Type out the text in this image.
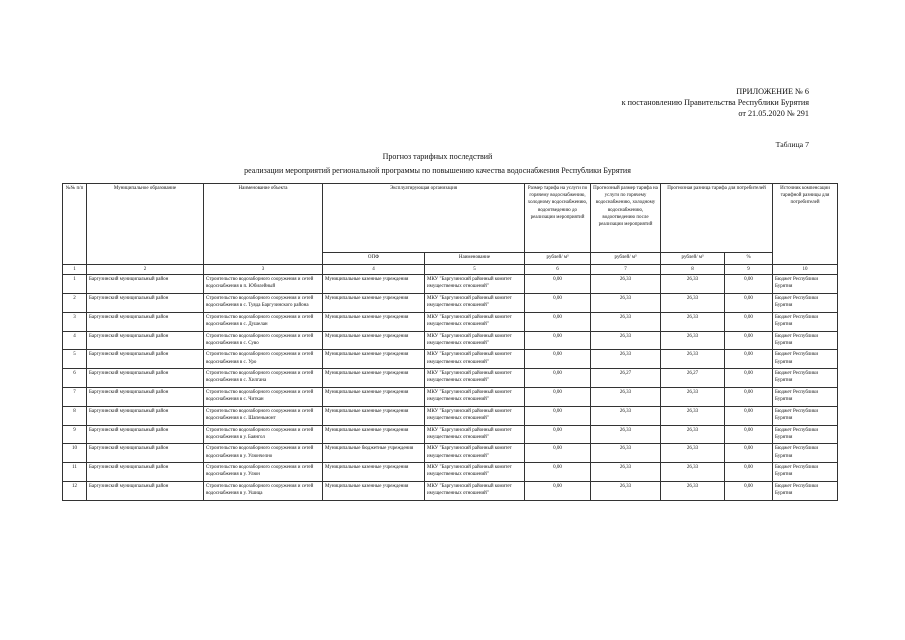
ПРИЛОЖЕНИЕ № 6
к постановлению Правительства Республики Бурятия
от 21.05.2020 № 291
Таблица 7
Прогноз тарифных последствий
реализации мероприятий региональной программы по повышению качества водоснабжения Республики Бурятия
№№ п/п	Муниципальное образование	Наименование объекта	Эксплуатирующая организация		Размер тарифа на услуги по горячему водоснабжению, холодному водоснабжению, водоотведению до реализации мероприятий	Прогнозный размер тарифа на услуги по горячему водоснабжению, холодному водоснабжению, водоотведению после реализации мероприятий	Прогнозная разница тарифа для потребителей		Источник компенсации тарифной разницы для потребителей
			ОПФ	Наименование	рублей/ м³	рублей/ м³	рублей/ м³	%	
1	2	3	4	5	6	7	8	9	10
1	Баргузинский муниципальный район	Строительство водозаборного сооружения и сетей водоснабжения в п. Юбилейный	Муниципальные казенные учреждения	МКУ "Баргузинский районный комитет имущественных отношений"	0,00	26,33	26,33	0,00	Бюджет Республики Бурятия
2	Баргузинский муниципальный район	Строительство водозаборного сооружения и сетей водоснабжения в с. Туяда Баргузинского района	Муниципальные казенные учреждения	МКУ "Баргузинский районный комитет имущественных отношений"	0,00	26,33	26,33	0,00	Бюджет Республики Бурятия
3	Баргузинский муниципальный район	Строительство водозаборного сооружения и сетей водоснабжения в с. Душелан	Муниципальные казенные учреждения	МКУ "Баргузинский районный комитет имущественных отношений"	0,00	26,33	26,33	0,00	Бюджет Республики Бурятия
4	Баргузинский муниципальный район	Строительство водозаборного сооружения и сетей водоснабжения в с. Суво	Муниципальные казенные учреждения	МКУ "Баргузинский районный комитет имущественных отношений"	0,00	26,33	26,33	0,00	Бюджет Республики Бурятия
5	Баргузинский муниципальный район	Строительство водозаборного сооружения и сетей водоснабжения в с. Уро	Муниципальные казенные учреждения	МКУ "Баргузинский районный комитет имущественных отношений"	0,00	26,33	26,33	0,00	Бюджет Республики Бурятия
6	Баргузинский муниципальный район	Строительство водозаборного сооружения и сетей водоснабжения в с. Хилгана	Муниципальные казенные учреждения	МКУ "Баргузинский районный комитет имущественных отношений"	0,00	26,27	26,27	0,00	Бюджет Республики Бурятия
7	Баргузинский муниципальный район	Строительство водозаборного сооружения и сетей водоснабжения в с. Читкан	Муниципальные казенные учреждения	МКУ "Баргузинский районный комитет имущественных отношений"	0,00	26,33	26,33	0,00	Бюджет Республики Бурятия
8	Баргузинский муниципальный район	Строительство водозаборного сооружения и сетей водоснабжения в с. Шапеньмонт	Муниципальные казенные учреждения	МКУ "Баргузинский районный комитет имущественных отношений"	0,00	26,33	26,33	0,00	Бюджет Республики Бурятия
9	Баргузинский муниципальный район	Строительство водозаборного сооружения и сетей водоснабжения в у. Баянгол	Муниципальные казенные учреждения	МКУ "Баргузинский районный комитет имущественных отношений"	0,00	26,33	26,33	0,00	Бюджет Республики Бурятия
10	Баргузинский муниципальный район	Строительство водозаборного сооружения и сетей водоснабжения в у. Улюнчелно	Муниципальные бюджетные учреждения	МКУ "Баргузинский районный комитет имущественных отношений"	0,00	26,33	26,33	0,00	Бюджет Республики Бурятия
11	Баргузинский муниципальный район	Строительство водозаборного сооружения и сетей водоснабжения в у. Улюн	Муниципальные казенные учреждения	МКУ "Баргузинский районный комитет имущественных отношений"	0,00	26,33	26,33	0,00	Бюджет Республики Бурятия
12	Баргузинский муниципальный район	Строительство водозаборного сооружения и сетей водоснабжения в у. Ушица	Муниципальные казенные учреждения	МКУ "Баргузинский районный комитет имущественных отношений"	0,00	26,33	26,33	0,00	Бюджет Республики Бурятия
